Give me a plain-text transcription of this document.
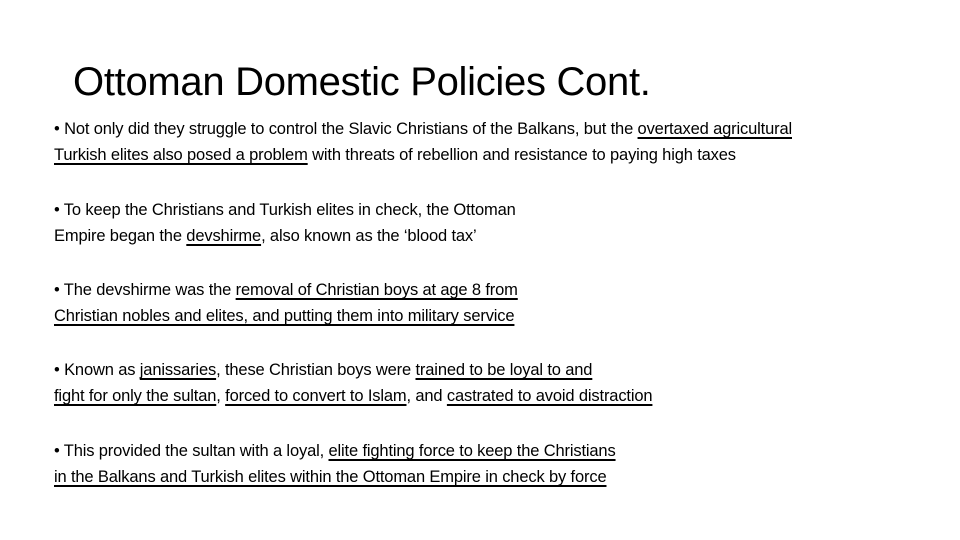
Ottoman Domestic Policies Cont.
• Not only did they struggle to control the Slavic Christians of the Balkans, but the overtaxed agricultural
Turkish elites also posed a problem with threats of rebellion and resistance to paying high taxes
• To keep the Christians and Turkish elites in check, the Ottoman
Empire began the devshirme, also known as the ‘blood tax’
• The devshirme was the removal of Christian boys at age 8 from
Christian nobles and elites, and putting them into military service
• Known as janissaries, these Christian boys were trained to be loyal to and
fight for only the sultan, forced to convert to Islam, and castrated to avoid distraction
• This provided the sultan with a loyal, elite fighting force to keep the Christians
in the Balkans and Turkish elites within the Ottoman Empire in check by force
